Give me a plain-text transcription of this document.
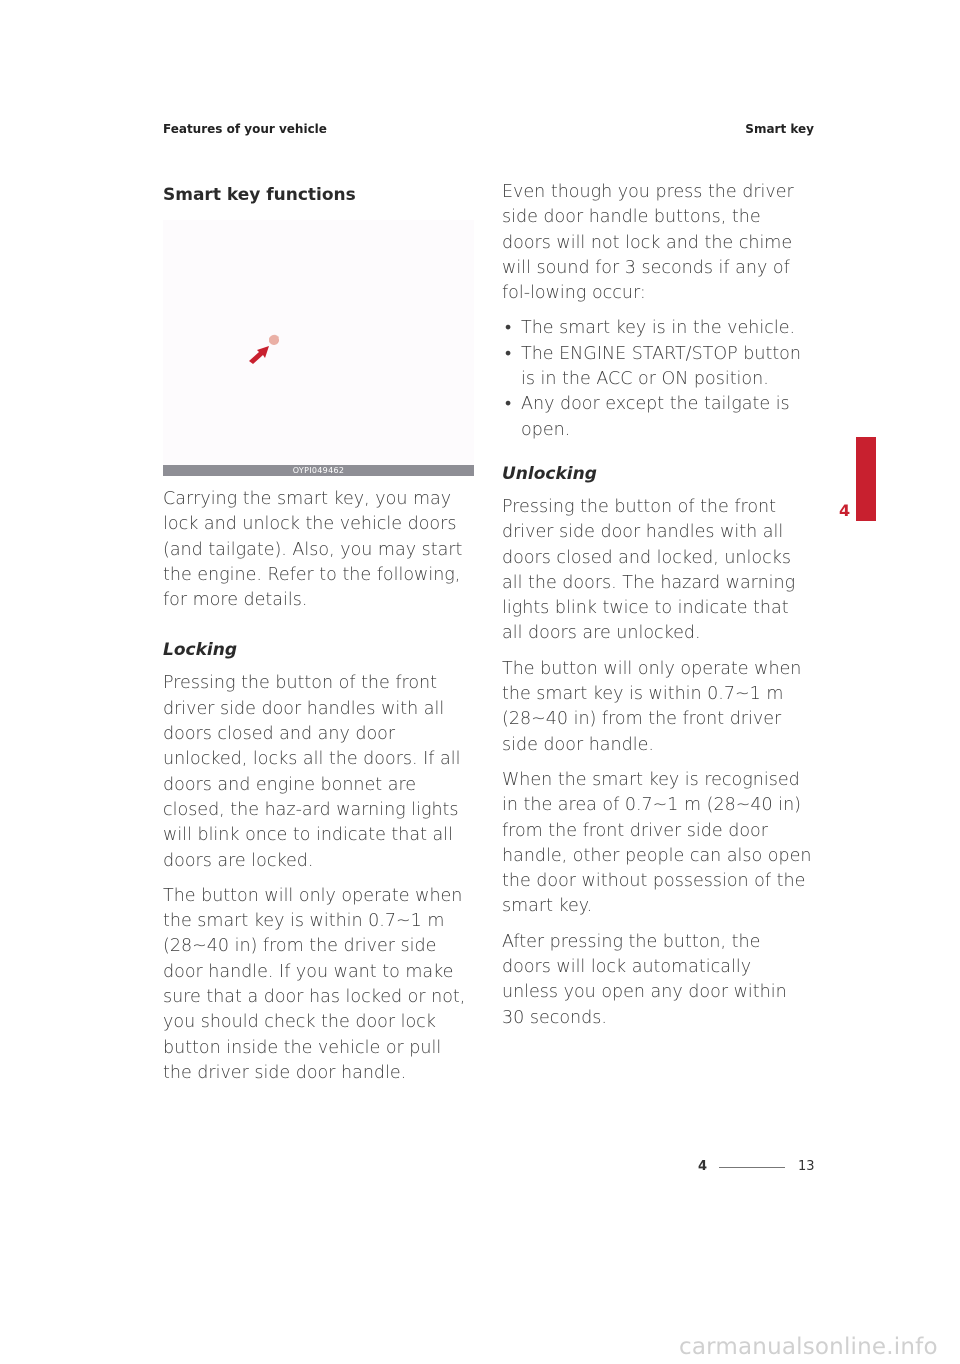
Features of your vehicle	Smart key
Smart key functions
OYPI049462

Carrying the smart key, you may lock and unlock the vehicle doors (and tailgate). Also, you may start the engine. Refer to the following, for more details.

Locking

Pressing the button of the front driver side door handles with all doors closed and any door unlocked, locks all the doors. If all doors and engine bonnet are closed, the haz-ard warning lights will blink once to indicate that all doors are locked.

The button will only operate when the smart key is within 0.7~1 m (28~40 in) from the driver side door handle. If you want to make sure that a door has locked or not, you should check the door lock button inside the vehicle or pull the driver side door handle.

Even though you press the driver side door handle buttons, the doors will not lock and the chime will sound for 3 seconds if any of fol-lowing occur:

• The smart key is in the vehicle.
• The ENGINE START/STOP button is in the ACC or ON position.
• Any door except the tailgate is open.
Unlocking

Pressing the button of the front driver side door handles with all doors closed and locked, unlocks all the doors. The hazard warning lights blink twice to indicate that all doors are unlocked.

The button will only operate when the smart key is within 0.7~1 m (28~40 in) from the front driver side door handle.

When the smart key is recognised in the area of 0.7~1 m (28~40 in) from the front driver side door handle, other people can also open the door without possession of the smart key.

After pressing the button, the doors will lock automatically unless you open any door within 30 seconds.

4
4	13
carmanualsonline.info
